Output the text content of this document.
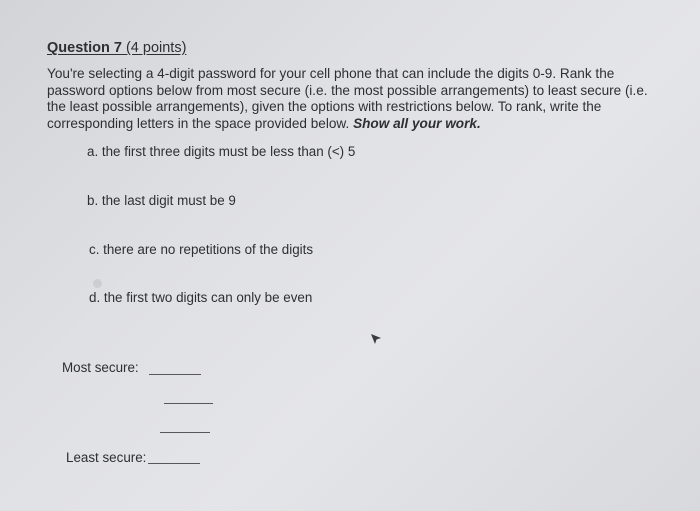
Question 7 (4 points)
You're selecting a 4-digit password for your cell phone that can include the digits 0-9. Rank the password options below from most secure (i.e. the most possible arrangements) to least secure (i.e. the least possible arrangements), given the options with restrictions below. To rank, write the corresponding letters in the space provided below. Show all your work.
a. the first three digits must be less than (<) 5
b. the last digit must be 9
c. there are no repetitions of the digits
d. the first two digits can only be even
Most secure:
Least secure:
